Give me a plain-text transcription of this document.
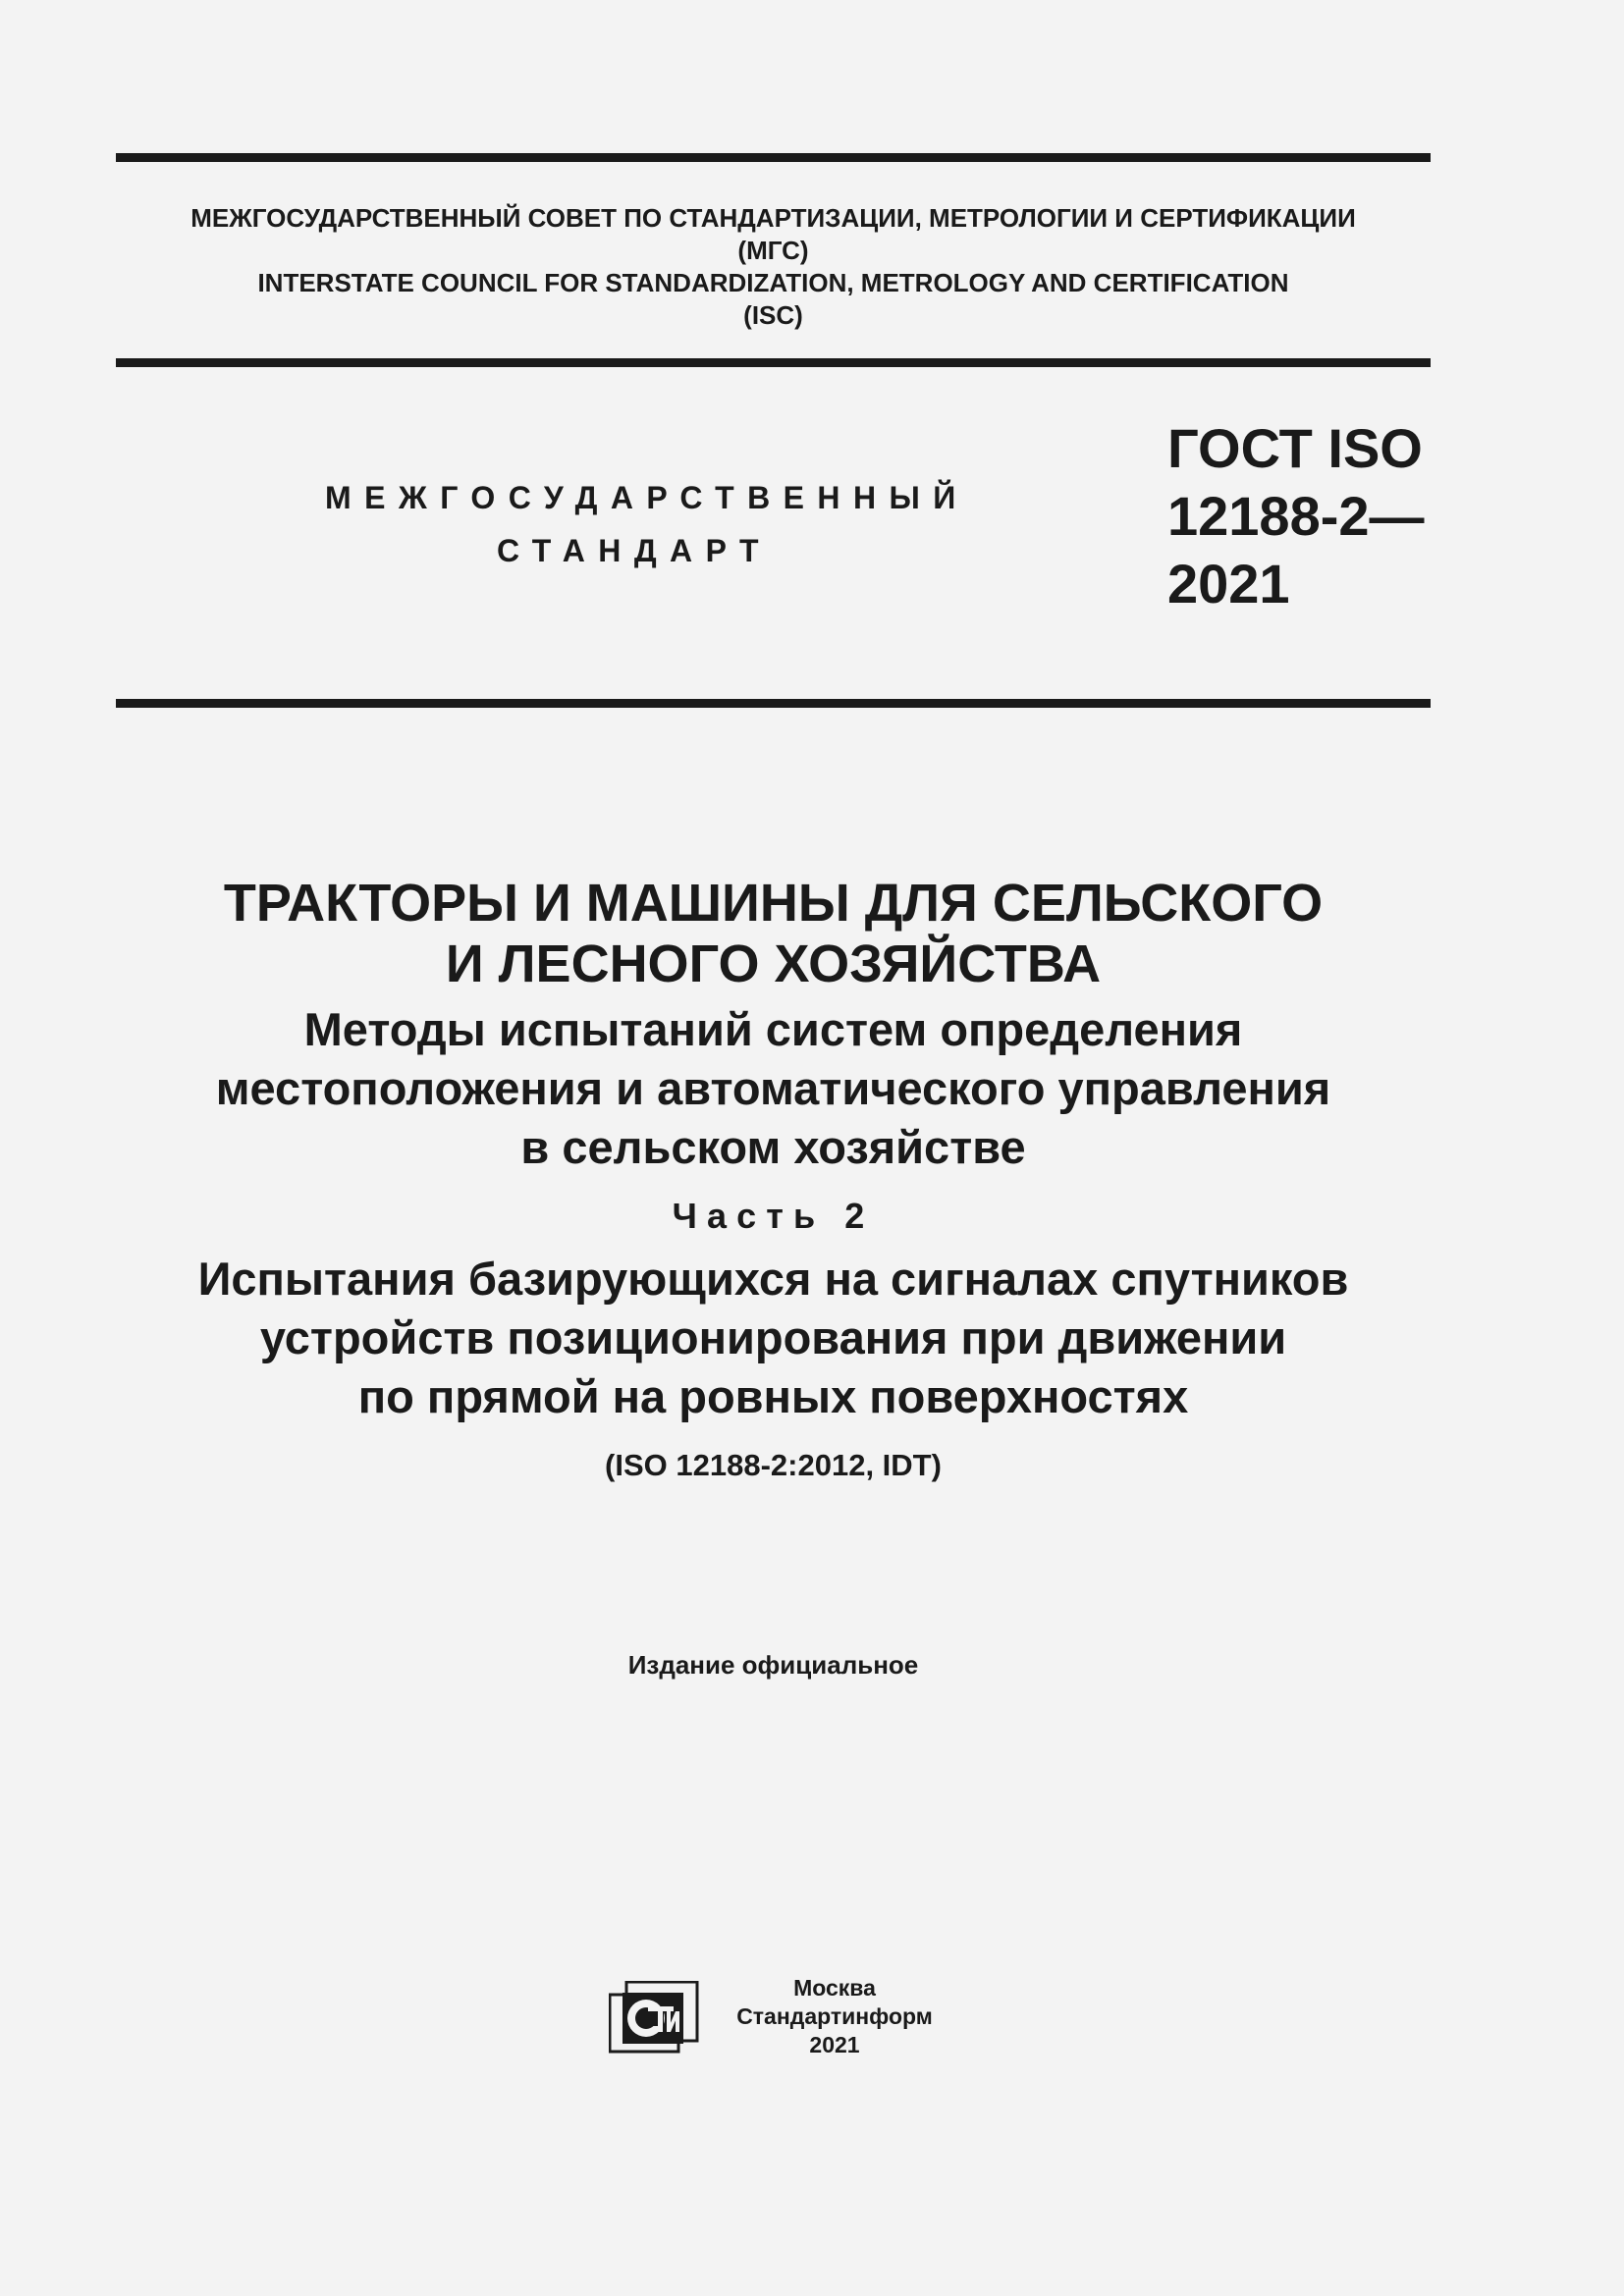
МЕЖГОСУДАРСТВЕННЫЙ СОВЕТ ПО СТАНДАРТИЗАЦИИ, МЕТРОЛОГИИ И СЕРТИФИКАЦИИ
(МГС)
INTERSTATE COUNCIL FOR STANDARDIZATION, METROLOGY AND CERTIFICATION
(ISC)
МЕЖГОСУДАРСТВЕННЫЙ
СТАНДАРТ
ГОСТ ISO
12188-2—
2021
ТРАКТОРЫ И МАШИНЫ ДЛЯ СЕЛЬСКОГО
И ЛЕСНОГО ХОЗЯЙСТВА
Методы испытаний систем определения
местоположения и автоматического управления
в сельском хозяйстве
Часть 2
Испытания базирующихся на сигналах спутников
устройств позиционирования при движении
по прямой на ровных поверхностях
(ISO 12188-2:2012, IDT)
Издание официальное
Москва
Стандартинформ
2021
